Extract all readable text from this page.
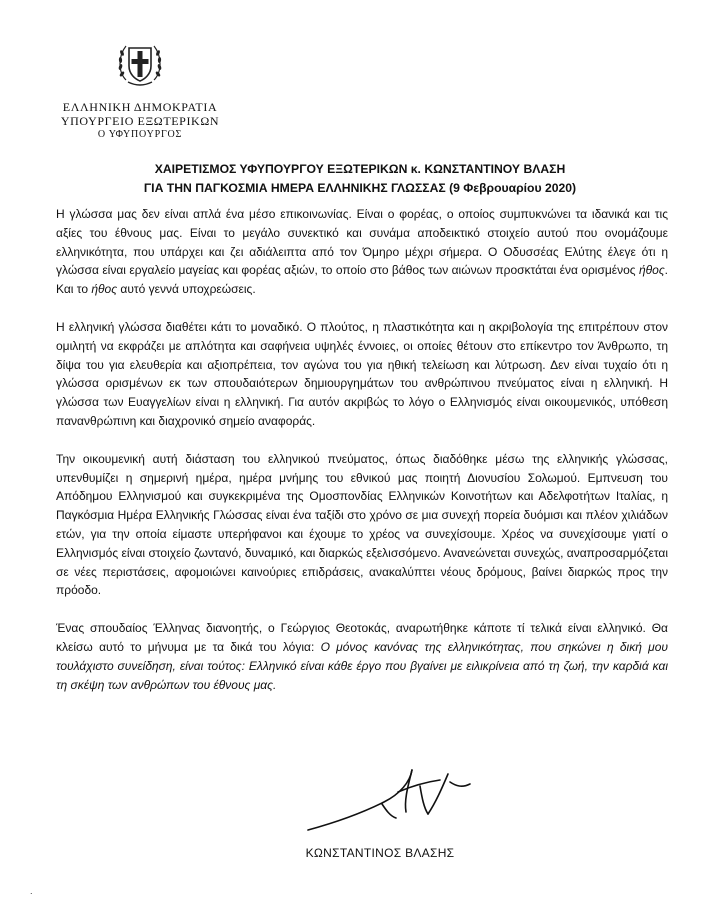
ΕΛΛΗΝΙΚΗ ΔΗΜΟΚΡΑΤΙΑ
ΥΠΟΥΡΓΕΙΟ ΕΞΩΤΕΡΙΚΩΝ
Ο ΥΦΥΠΟΥΡΓΟΣ
ΧΑΙΡΕΤΙΣΜΟΣ ΥΦΥΠΟΥΡΓΟΥ ΕΞΩΤΕΡΙΚΩΝ κ. ΚΩΝΣΤΑΝΤΙΝΟΥ ΒΛΑΣΗ
ΓΙΑ ΤΗΝ ΠΑΓΚΟΣΜΙΑ ΗΜΕΡΑ ΕΛΛΗΝΙΚΗΣ ΓΛΩΣΣΑΣ (9 Φεβρουαρίου 2020)

Η γλώσσα μας δεν είναι απλά ένα μέσο επικοινωνίας. Είναι ο φορέας, ο οποίος συμπυκνώνει τα ιδανικά και τις αξίες του έθνους μας. Είναι το μεγάλο συνεκτικό και συνάμα αποδεικτικό στοιχείο αυτού που ονομάζουμε ελληνικότητα, που υπάρχει και ζει αδιάλειπτα από τον Όμηρο μέχρι σήμερα. Ο Οδυσσέας Ελύτης έλεγε ότι η γλώσσα είναι εργαλείο μαγείας και φορέας αξιών, το οποίο στο βάθος των αιώνων προσκτάται ένα ορισμένος ήθος. Και το ήθος αυτό γεννά υποχρεώσεις.

Η ελληνική γλώσσα διαθέτει κάτι το μοναδικό. Ο πλούτος, η πλαστικότητα και η ακριβολογία της επιτρέπουν στον ομιλητή να εκφράζει με απλότητα και σαφήνεια υψηλές έννοιες, οι οποίες θέτουν στο επίκεντρο τον Άνθρωπο, τη δίψα του για ελευθερία και αξιοπρέπεια, τον αγώνα του για ηθική τελείωση και λύτρωση. Δεν είναι τυχαίο ότι η γλώσσα ορισμένων εκ των σπουδαιότερων δημιουργημάτων του ανθρώπινου πνεύματος είναι η ελληνική. Η γλώσσα των Ευαγγελίων είναι η ελληνική. Για αυτόν ακριβώς το λόγο ο Ελληνισμός είναι οικουμενικός, υπόθεση πανανθρώπινη και διαχρονικό σημείο αναφοράς.

Την οικουμενική αυτή διάσταση του ελληνικού πνεύματος, όπως διαδόθηκε μέσω της ελληνικής γλώσσας, υπενθυμίζει η σημερινή ημέρα, ημέρα μνήμης του εθνικού μας ποιητή Διονυσίου Σολωμού. Εμπνευση του Απόδημου Ελληνισμού και συγκεκριμένα της Ομοσπονδίας Ελληνικών Κοινοτήτων και Αδελφοτήτων Ιταλίας, η Παγκόσμια Ημέρα Ελληνικής Γλώσσας είναι ένα ταξίδι στο χρόνο σε μια συνεχή πορεία δυόμισι και πλέον χιλιάδων ετών, για την οποία είμαστε υπερήφανοι και έχουμε το χρέος να συνεχίσουμε. Χρέος να συνεχίσουμε γιατί ο Ελληνισμός είναι στοιχείο ζωντανό, δυναμικό, και διαρκώς εξελισσόμενο. Ανανεώνεται συνεχώς, αναπροσαρμόζεται σε νέες περιστάσεις, αφομοιώνει καινούριες επιδράσεις, ανακαλύπτει νέους δρόμους, βαίνει διαρκώς προς την πρόοδο.

Ένας σπουδαίος Έλληνας διανοητής, ο Γεώργιος Θεοτοκάς, αναρωτήθηκε κάποτε τί τελικά είναι ελληνικό. Θα κλείσω αυτό το μήνυμα με τα δικά του λόγια: Ο μόνος κανόνας της ελληνικότητας, που σηκώνει η δική μου τουλάχιστο συνείδηση, είναι τούτος: Ελληνικό είναι κάθε έργο που βγαίνει με ειλικρίνεια από τη ζωή, την καρδιά και τη σκέψη των ανθρώπων του έθνους μας.

ΚΩΝΣΤΑΝΤΙΝΟΣ ΒΛΑΣΗΣ
.
